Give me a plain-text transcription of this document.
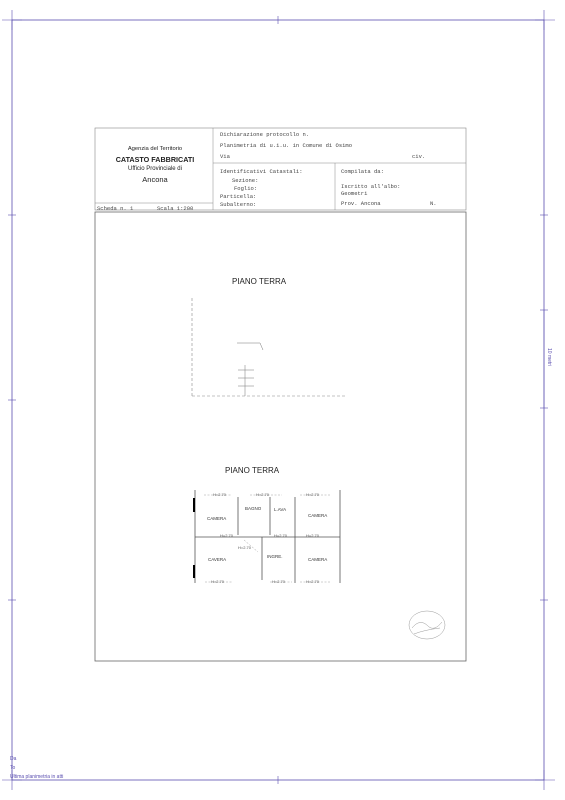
Agenzia del Territorio
CATASTO FABBRICATI
Ufficio Provinciale di
Ancona
Dichiarazione protocollo n.
Planimetria di u.i.u. in Comune di Osimo
Via	civ.
Identificativi Catastali:
Sezione:
Foglio:
Particella:
Subalterno:
Compilata da:
Iscritto all'albo:
Geometri
Prov. Ancona	N.
Scheda n. 1	Scala 1:200
PIANO TERRA
PIANO TERRA
BAGNO	L.AVA
CAMERA
CAMERA
CAVERA
INGRE.
CAMERA
H=2.70	H=2.70	H=2.70
H=2.70	H=2.70	H=2.70
H=2.70
H=2.70	H=2.70	H=2.70
10 metri
Da
To
Ultima planimetria in atti
